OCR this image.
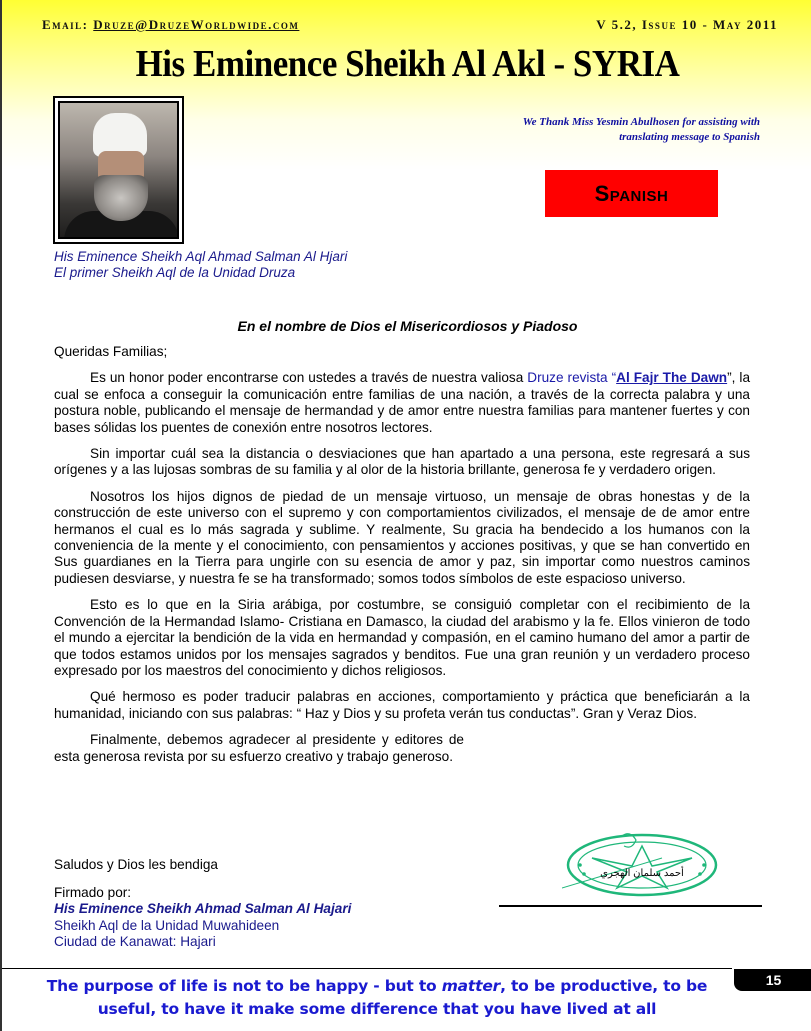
Email: Druze@DruzeWorldwide.com	V 5.2, Issue 10 - May 2011
His Eminence Sheikh Al Akl - SYRIA
His Eminence Sheikh Aql Ahmad Salman Al Hjari
El primer Sheikh Aql de la Unidad Druza
We Thank Miss Yesmin Abulhosen for assisting with
translating message to Spanish
Spanish
En el nombre de Dios el Misericordiosos y Piadoso

Queridas Familias;

Es un honor poder encontrarse con ustedes a través de nuestra valiosa Druze revista “Al Fajr The Dawn”, la cual se enfoca a conseguir la comunicación entre familias de una nación, a través de la correcta palabra y una postura noble, publicando el mensaje de hermandad y de amor entre nuestra familias para mantener fuertes y con bases sólidas los puentes de conexión entre nosotros lectores.

Sin importar cuál sea la distancia o desviaciones que han apartado a una persona, este regresará a sus orígenes y a las lujosas sombras de su familia y al olor de la historia brillante, generosa fe y verdadero origen.

Nosotros los hijos dignos de piedad de un mensaje virtuoso, un mensaje de obras honestas y de la construcción de este universo con el supremo y con comportamientos civilizados, el mensaje de de amor entre hermanos el cual es lo más sagrada y sublime. Y realmente, Su gracia ha bendecido a los humanos con la conveniencia de la mente y el conocimiento, con pensamientos y acciones positivas, y que se han convertido en Sus guardianes en la Tierra para ungirle con su esencia de amor y paz, sin importar como nuestros caminos pudiesen desviarse, y nuestra fe se ha transformado; somos todos símbolos de este espacioso universo.

Esto es lo que en la Siria arábiga, por costumbre, se consiguió completar con el recibimiento de la Convención de la Hermandad Islamo- Cristiana en Damasco, la ciudad del arabismo y la fe. Ellos vinieron de todo el mundo a ejercitar la bendición de la vida en hermandad y compasión, en el camino humano del amor a partir de que todos estamos unidos por los mensajes sagrados y benditos. Fue una gran reunión y un verdadero proceso expresado por los maestros del conocimiento y dichos religiosos.

Qué hermoso es poder traducir palabras en acciones, comportamiento y práctica que beneficiarán a la humanidad, iniciando con sus palabras: “ Haz y Dios y su profeta verán tus conductas”. Gran y Veraz Dios.

Finalmente, debemos agradecer al presidente y editores de esta generosa revista por su esfuerzo creativo y trabajo generoso.

Saludos y Dios les bendiga
Firmado por:
His Eminence Sheikh Ahmad Salman Al Hajari
Sheikh Aql de la Unidad Muwahideen
Ciudad de Kanawat: Hajari
أحمد سلمان الهجري
15
The purpose of life is not to be happy - but to matter, to be productive, to be useful, to have it make some difference that you have lived at all
